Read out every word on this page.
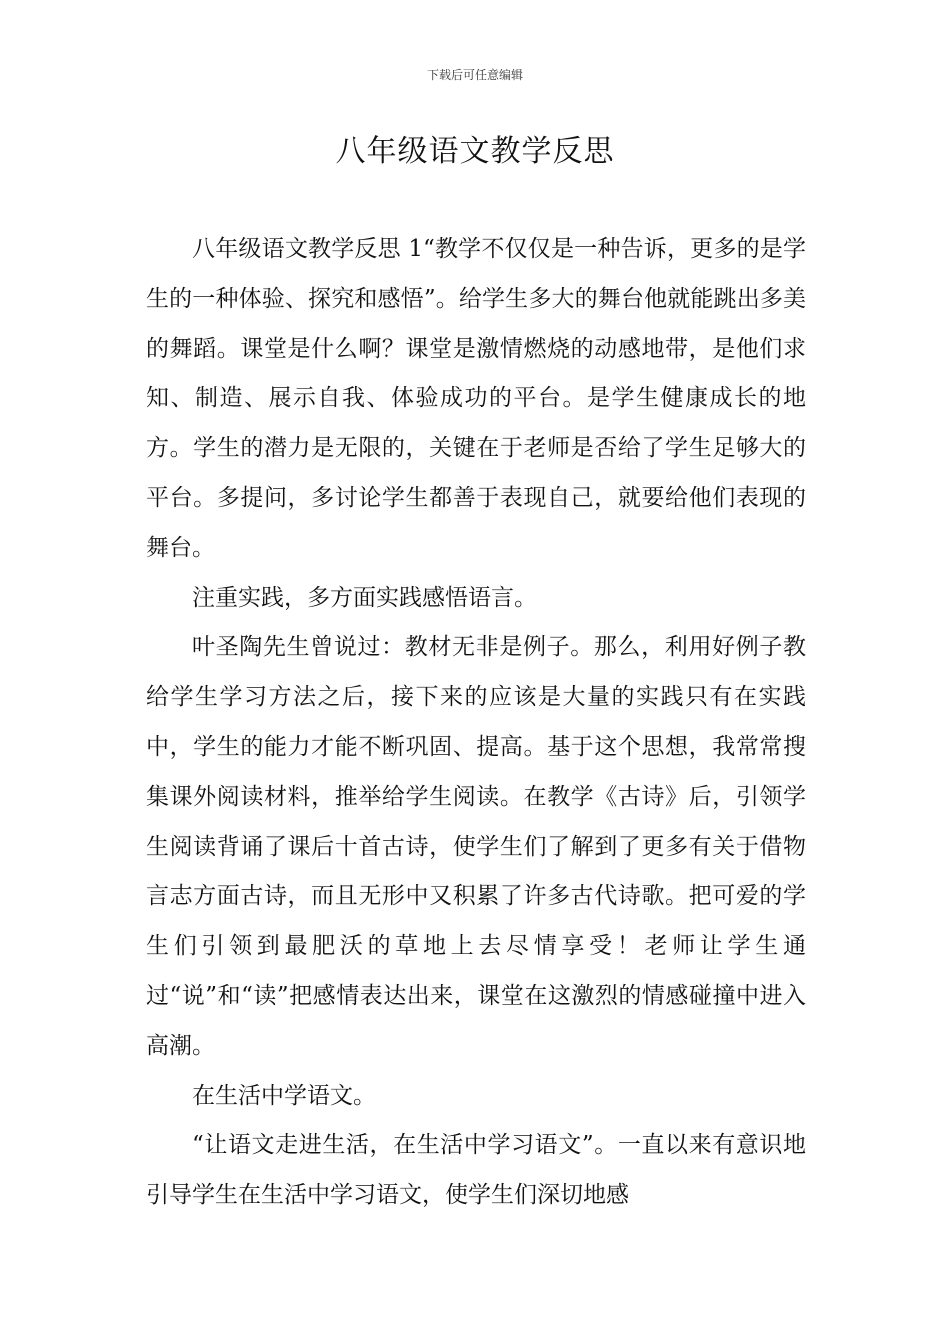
下载后可任意编辑
八年级语文教学反思

八年级语文教学反思 1“教学不仅仅是一种告诉，更多的是学生的一种体验、探究和感悟”。给学生多大的舞台他就能跳出多美的舞蹈。课堂是什么啊？课堂是激情燃烧的动感地带，是他们求知、制造、展示自我、体验成功的平台。是学生健康成长的地方。学生的潜力是无限的，关键在于老师是否给了学生足够大的平台。多提问，多讨论学生都善于表现自己，就要给他们表现的舞台。

注重实践，多方面实践感悟语言。

叶圣陶先生曾说过：教材无非是例子。那么，利用好例子教给学生学习方法之后，接下来的应该是大量的实践只有在实践中，学生的能力才能不断巩固、提高。基于这个思想，我常常搜集课外阅读材料，推举给学生阅读。在教学《古诗》后，引领学生阅读背诵了课后十首古诗，使学生们了解到了更多有关于借物言志方面古诗，而且无形中又积累了许多古代诗歌。把可爱的学生们引领到最肥沃的草地上去尽情享受！老师让学生通过“说”和“读”把感情表达出来，课堂在这激烈的情感碰撞中进入高潮。

在生活中学语文。

“让语文走进生活，在生活中学习语文”。一直以来有意识地引导学生在生活中学习语文，使学生们深切地感
